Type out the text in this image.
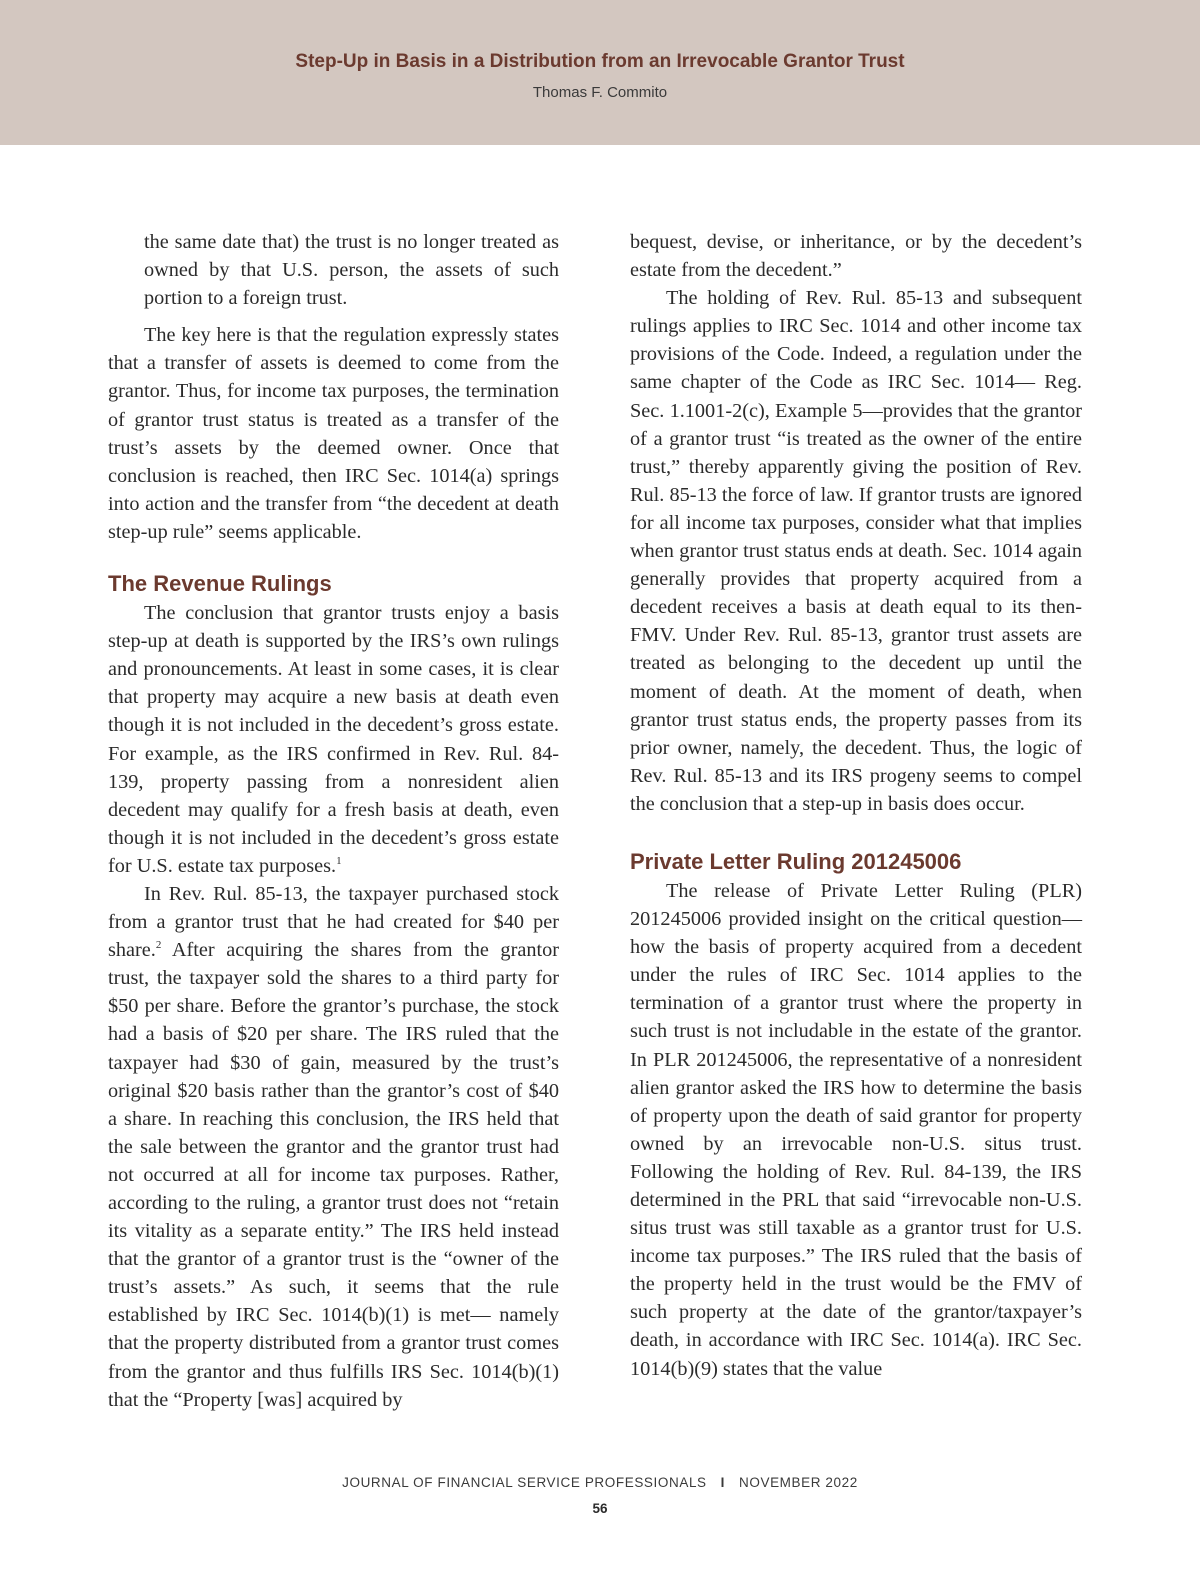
Step-Up in Basis in a Distribution from an Irrevocable Grantor Trust
Thomas F. Commito

the same date that) the trust is no longer treated as owned by that U.S. person, the assets of such portion to a foreign trust.

The key here is that the regulation expressly states that a transfer of assets is deemed to come from the grantor. Thus, for income tax purposes, the termination of grantor trust status is treated as a transfer of the trust’s assets by the deemed owner. Once that conclusion is reached, then IRC Sec. 1014(a) springs into action and the transfer from “the decedent at death step-up rule” seems applicable.

The Revenue Rulings

The conclusion that grantor trusts enjoy a basis step-up at death is supported by the IRS’s own rulings and pronouncements. At least in some cases, it is clear that property may acquire a new basis at death even though it is not included in the decedent’s gross estate. For example, as the IRS confirmed in Rev. Rul. 84-139, property passing from a nonresident alien decedent may qualify for a fresh basis at death, even though it is not included in the decedent’s gross estate for U.S. estate tax purposes.$^1$

In Rev. Rul. 85-13, the taxpayer purchased stock from a grantor trust that he had created for $40 per share.$^2$ After acquiring the shares from the grantor trust, the taxpayer sold the shares to a third party for $50 per share. Before the grantor’s purchase, the stock had a basis of $20 per share. The IRS ruled that the taxpayer had $30 of gain, measured by the trust’s original $20 basis rather than the grantor’s cost of $40 a share. In reaching this conclusion, the IRS held that the sale between the grantor and the grantor trust had not occurred at all for income tax purposes. Rather, according to the ruling, a grantor trust does not “retain its vitality as a separate entity.” The IRS held instead that the grantor of a grantor trust is the “owner of the trust’s assets.” As such, it seems that the rule established by IRC Sec. 1014(b)(1) is met— namely that the property distributed from a grantor trust comes from the grantor and thus fulfills IRS Sec. 1014(b)(1) that the “Property [was] acquired by

bequest, devise, or inheritance, or by the decedent’s estate from the decedent.”

The holding of Rev. Rul. 85-13 and subsequent rulings applies to IRC Sec. 1014 and other income tax provisions of the Code. Indeed, a regulation under the same chapter of the Code as IRC Sec. 1014— Reg. Sec. 1.1001-2(c), Example 5—provides that the grantor of a grantor trust “is treated as the owner of the entire trust,” thereby apparently giving the position of Rev. Rul. 85-13 the force of law. If grantor trusts are ignored for all income tax purposes, consider what that implies when grantor trust status ends at death. Sec. 1014 again generally provides that property acquired from a decedent receives a basis at death equal to its then-FMV. Under Rev. Rul. 85-13, grantor trust assets are treated as belonging to the decedent up until the moment of death. At the moment of death, when grantor trust status ends, the property passes from its prior owner, namely, the decedent. Thus, the logic of Rev. Rul. 85-13 and its IRS progeny seems to compel the conclusion that a step-up in basis does occur.

Private Letter Ruling 201245006

The release of Private Letter Ruling (PLR) 201245006 provided insight on the critical question—how the basis of property acquired from a decedent under the rules of IRC Sec. 1014 applies to the termination of a grantor trust where the property in such trust is not includable in the estate of the grantor. In PLR 201245006, the representative of a nonresident alien grantor asked the IRS how to determine the basis of property upon the death of said grantor for property owned by an irrevocable non-U.S. situs trust. Following the holding of Rev. Rul. 84-139, the IRS determined in the PRL that said “irrevocable non-U.S. situs trust was still taxable as a grantor trust for U.S. income tax purposes.” The IRS ruled that the basis of the property held in the trust would be the FMV of such property at the date of the grantor/taxpayer’s death, in accordance with IRC Sec. 1014(a). IRC Sec. 1014(b)(9) states that the value

JOURNAL OF FINANCIAL SERVICE PROFESSIONALS I NOVEMBER 2022
56
